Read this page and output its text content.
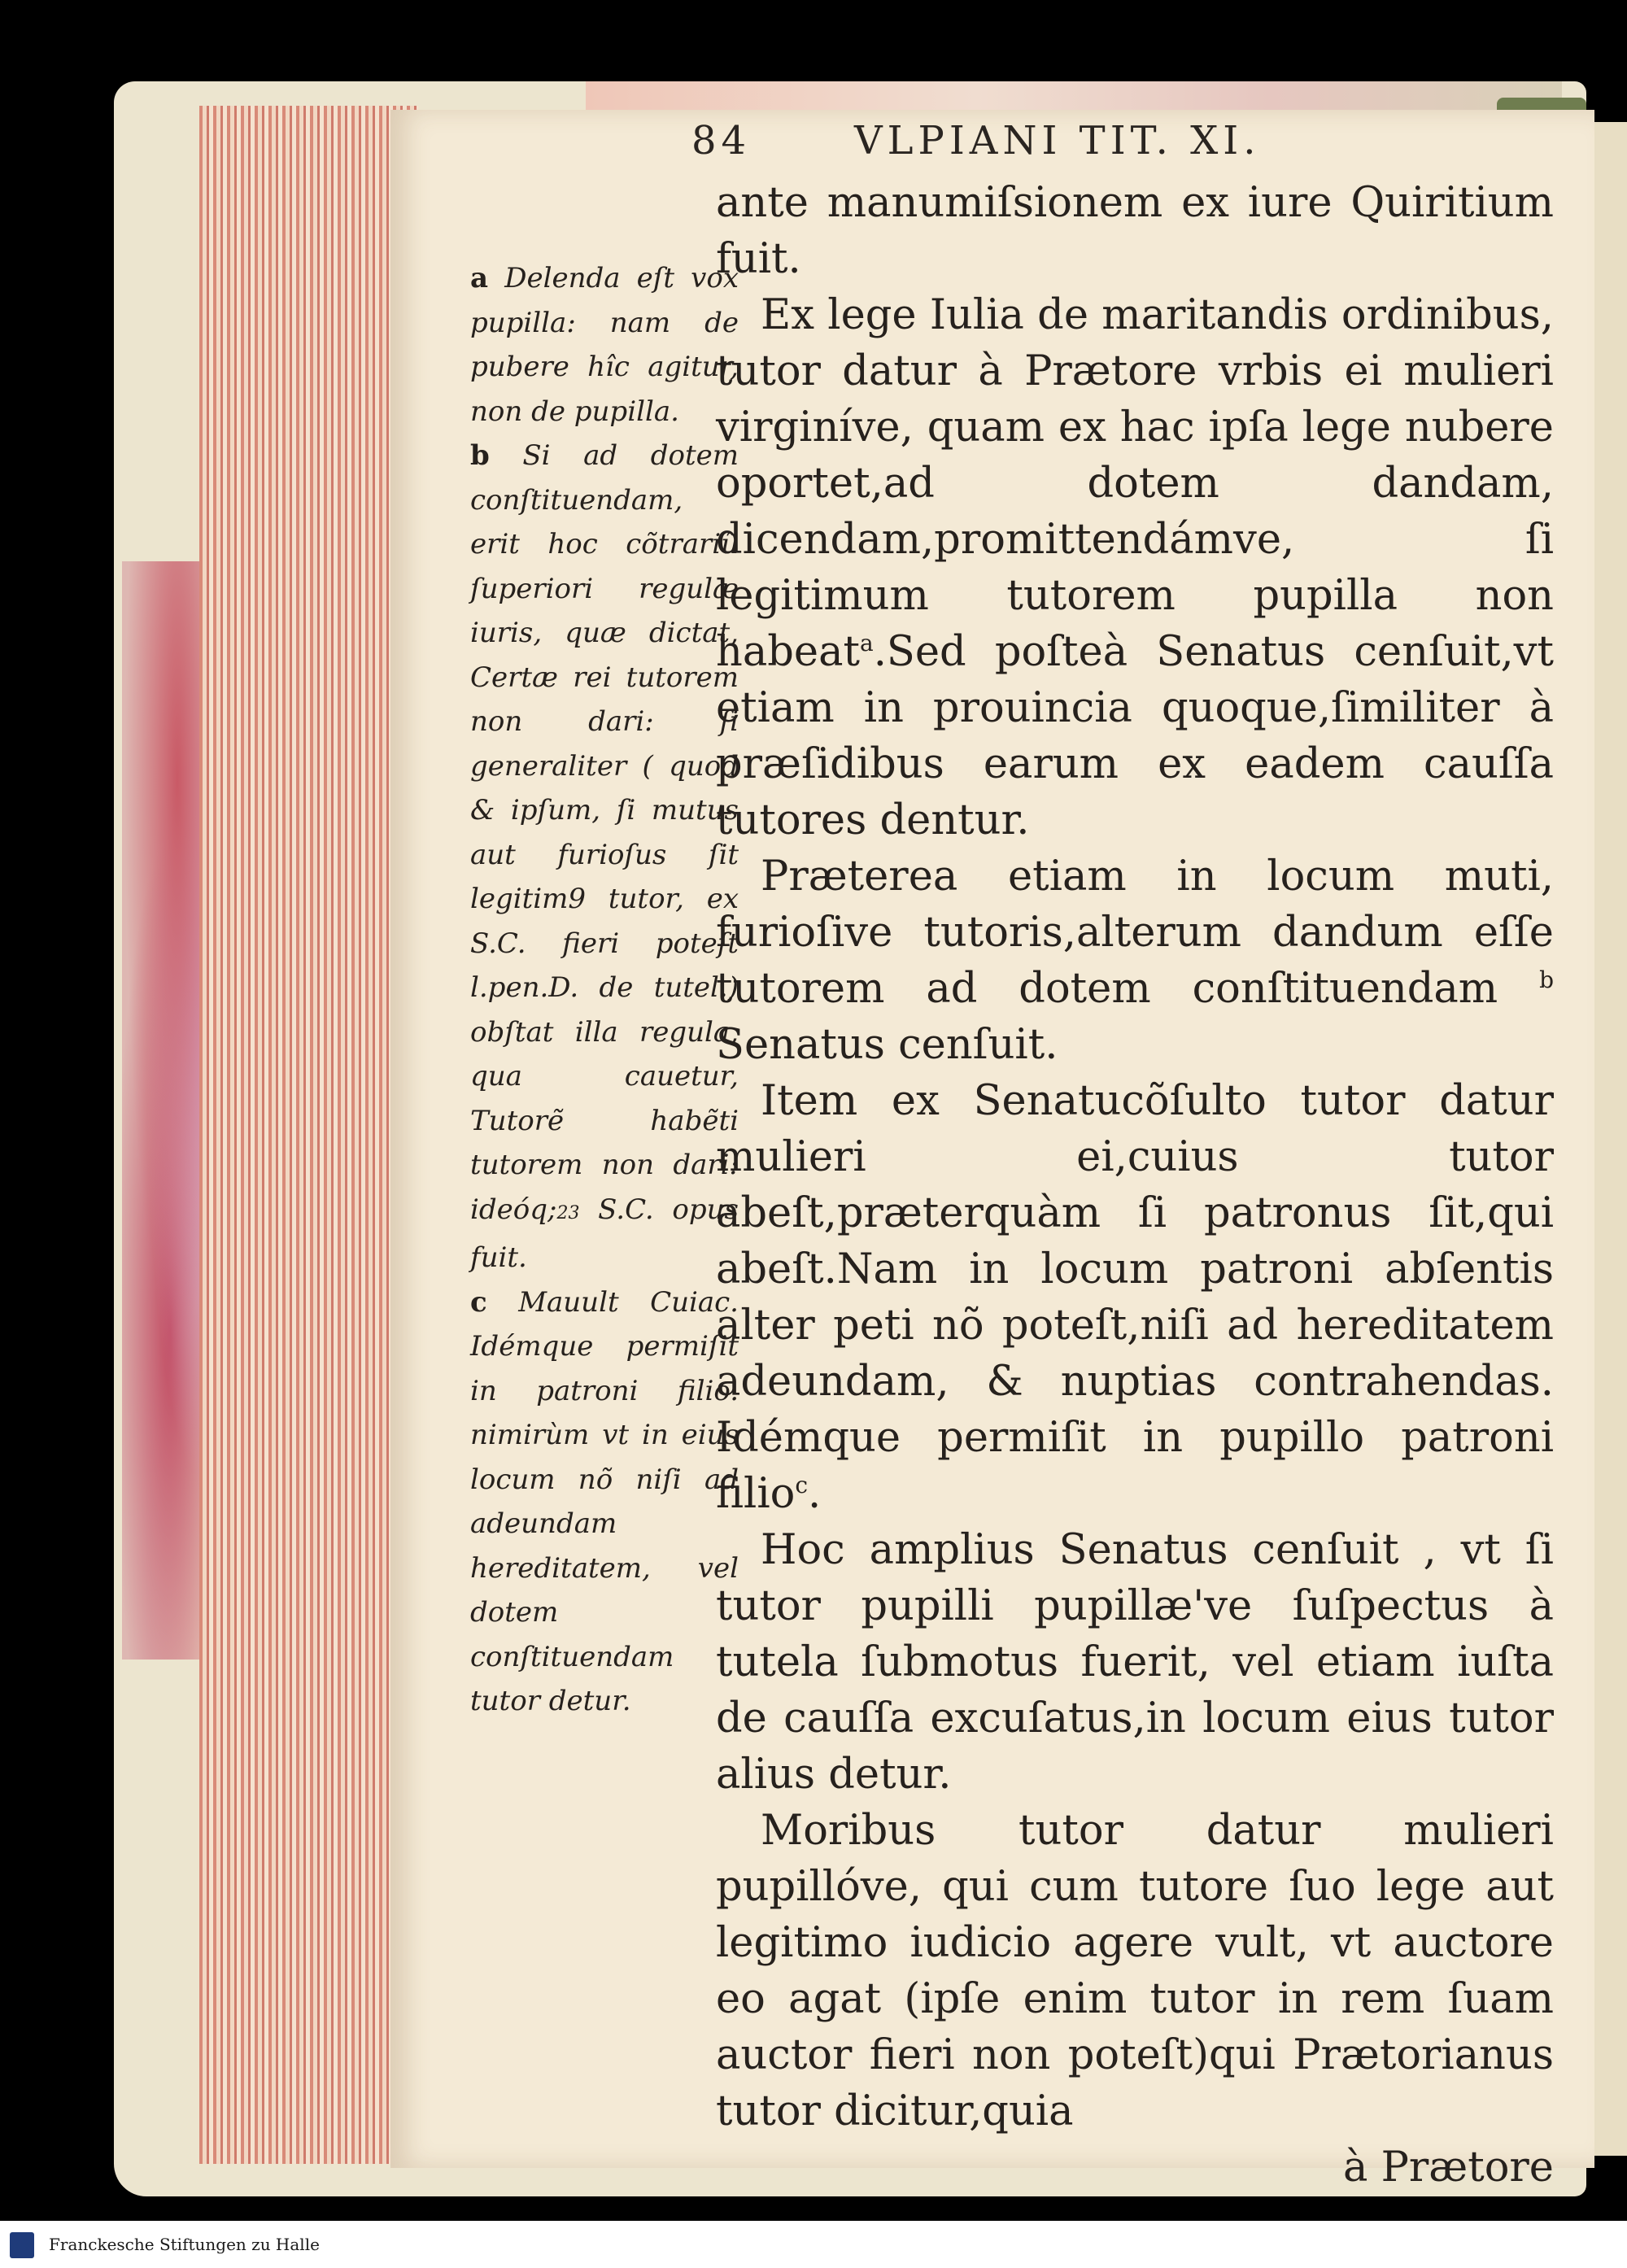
84	VLPIANI TIT. XI.

a Delenda eſt vox pupilla: nam de pubere hîc agitur, non de pupilla.

b Si ad dotem conſtituendam, erit hoc cõtrariũ ſuperiori regulæ iuris, quæ dictat, Certæ rei tutorem non dari: ſi generaliter ( quod & ipſum, ſi mutus aut furioſus ſit legitim9 tutor, ex S.C. fieri poteſt l.pen.D. de tutel.) obſtat illa regula, qua cauetur, Tutorẽ habẽti tutorem non dari: ideóq;23 S.C. opus fuit.

c Mauult Cuiac. Idémque permiſit in patroni filio. nimirùm vt in eius locum nõ niſi ad adeundam hereditatem, vel dotem conſtituendam tutor detur.

ante manumiſsionem ex iure Quiritium fuit.

Ex lege Iulia de maritandis ordinibus, tutor datur à Prætore vrbis ei mulieri virginíve, quam ex hac ipſa lege nubere oportet,ad dotem dandam, dicendam,promittendámve, ſi legitimum tutorem pupilla non habeat$^a$.Sed poſteà Senatus cenſuit,vt etiam in prouincia quoque,ſimiliter à præſidibus earum ex eadem cauſſa tutores dentur.

Præterea etiam in locum muti, furioſive tutoris,alterum dandum eſſe tutorem ad dotem conſtituendam $^b$ Senatus cenſuit.

Item ex Senatucõſulto tutor datur mulieri ei,cuius tutor abeſt,præterquàm ſi patronus ſit,qui abeſt.Nam in locum patroni abſentis alter peti nõ poteſt,niſi ad hereditatem adeundam, & nuptias contrahendas. Idémque permiſit in pupillo patroni filio$^c$.

Hoc amplius Senatus cenſuit , vt ſi tutor pupilli pupillæ've ſuſpectus à tutela ſubmotus fuerit, vel etiam iuſta de cauſſa excuſatus,in locum eius tutor alius detur.

Moribus tutor datur mulieri pupillóve, qui cum tutore ſuo lege aut legitimo iudicio agere vult, vt auctore eo agat (ipſe enim tutor in rem ſuam auctor fieri non poteſt)qui Prætorianus tutor dicitur,quia

à Prætore

Franckesche Stiftungen zu Halle
